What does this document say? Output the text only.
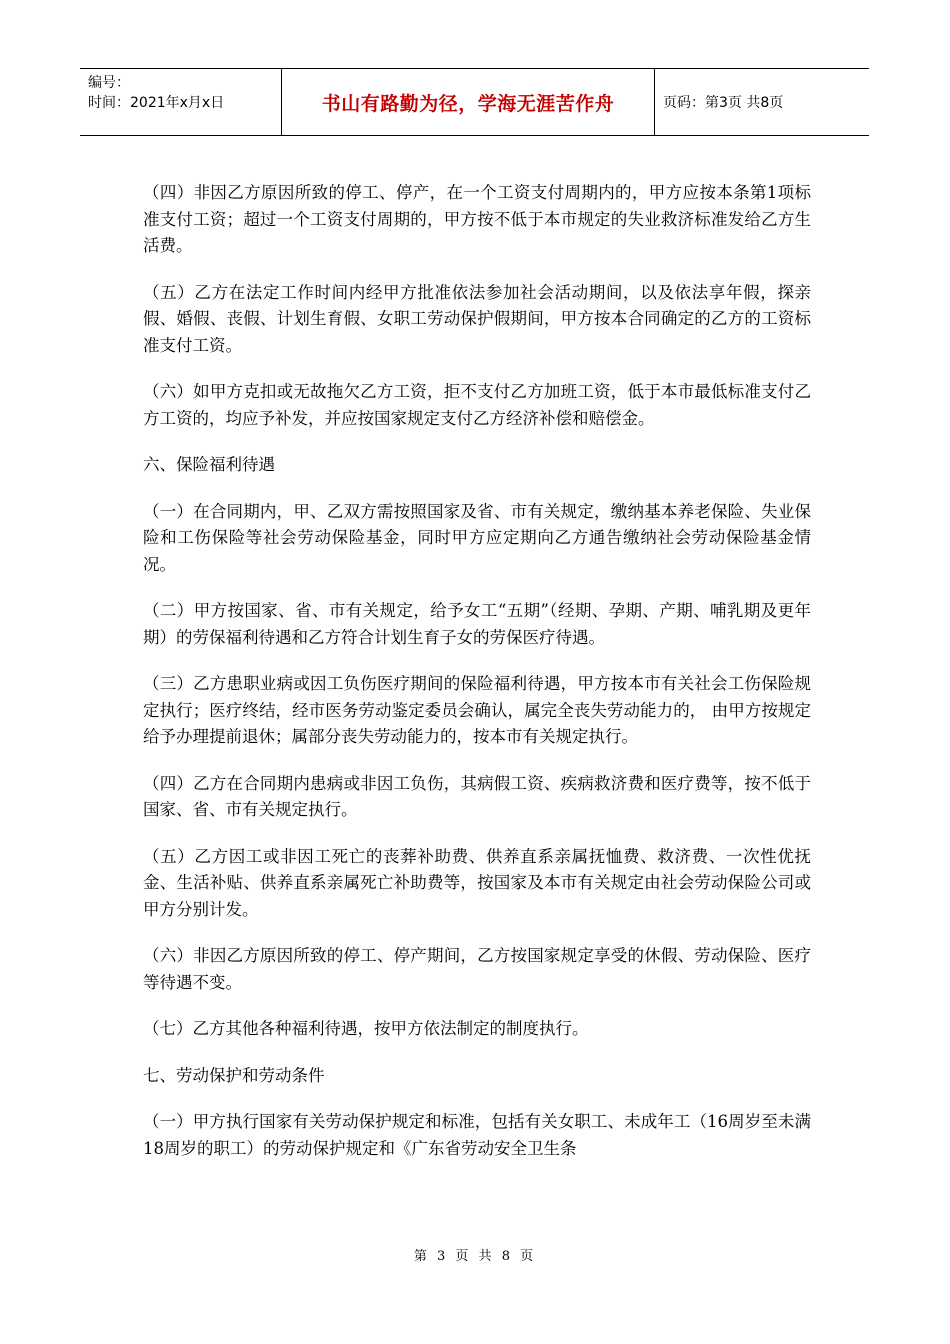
编号：
时间：2021年x月x日	书山有路勤为径，学海无涯苦作舟	页码：第3页 共8页

（四）非因乙方原因所致的停工、停产，在一个工资支付周期内的，甲方应按本条第1项标准支付工资；超过一个工资支付周期的，甲方按不低于本市规定的失业救济标准发给乙方生活费。

（五）乙方在法定工作时间内经甲方批准依法参加社会活动期间，以及依法享年假，探亲假、婚假、丧假、计划生育假、女职工劳动保护假期间，甲方按本合同确定的乙方的工资标准支付工资。

（六）如甲方克扣或无故拖欠乙方工资，拒不支付乙方加班工资，低于本市最低标准支付乙方工资的，均应予补发，并应按国家规定支付乙方经济补偿和赔偿金。

六、保险福利待遇

（一）在合同期内，甲、乙双方需按照国家及省、市有关规定，缴纳基本养老保险、失业保险和工伤保险等社会劳动保险基金，同时甲方应定期向乙方通告缴纳社会劳动保险基金情况。

（二）甲方按国家、省、市有关规定，给予女工“五期”（经期、孕期、产期、哺乳期及更年期）的劳保福利待遇和乙方符合计划生育子女的劳保医疗待遇。

（三）乙方患职业病或因工负伤医疗期间的保险福利待遇，甲方按本市有关社会工伤保险规定执行；医疗终结，经市医务劳动鉴定委员会确认，属完全丧失劳动能力的， 由甲方按规定给予办理提前退休；属部分丧失劳动能力的，按本市有关规定执行。

（四）乙方在合同期内患病或非因工负伤，其病假工资、疾病救济费和医疗费等，按不低于国家、省、市有关规定执行。

（五）乙方因工或非因工死亡的丧葬补助费、供养直系亲属抚恤费、救济费、一次性优抚金、生活补贴、供养直系亲属死亡补助费等，按国家及本市有关规定由社会劳动保险公司或甲方分别计发。

（六）非因乙方原因所致的停工、停产期间，乙方按国家规定享受的休假、劳动保险、医疗等待遇不变。

（七）乙方其他各种福利待遇，按甲方依法制定的制度执行。

七、劳动保护和劳动条件

（一）甲方执行国家有关劳动保护规定和标准，包括有关女职工、未成年工（16周岁至未满18周岁的职工）的劳动保护规定和《广东省劳动安全卫生条

第 3 页 共 8 页
